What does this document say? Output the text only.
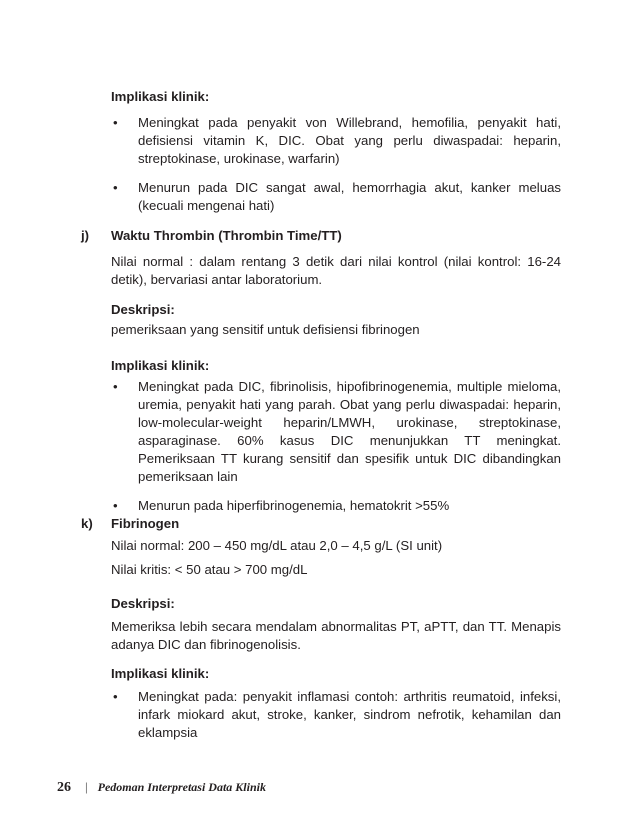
Implikasi klinik:
• Meningkat pada penyakit von Willebrand, hemofilia, penyakit hati, defisiensi vitamin K, DIC. Obat yang perlu diwaspadai: heparin, streptokinase, urokinase, warfarin)
• Menurun pada DIC sangat awal, hemorrhagia akut, kanker meluas (kecuali mengenai hati)
j) Waktu Thrombin (Thrombin Time/TT)
Nilai normal : dalam rentang 3 detik dari nilai kontrol (nilai kontrol: 16-24 detik), bervariasi antar laboratorium.
Deskripsi:
pemeriksaan yang sensitif untuk defisiensi fibrinogen
Implikasi klinik:
• Meningkat pada DIC, fibrinolisis, hipofibrinogenemia, multiple mieloma, uremia, penyakit hati yang parah. Obat yang perlu diwaspadai: heparin, low-molecular-weight heparin/LMWH, urokinase, streptokinase, asparaginase. 60% kasus DIC menunjukkan TT meningkat. Pemeriksaan TT kurang sensitif dan spesifik untuk DIC dibandingkan pemeriksaan lain
• Menurun pada hiperfibrinogenemia, hematokrit >55%
k) Fibrinogen
Nilai normal: 200 – 450 mg/dL atau 2,0 – 4,5 g/L (SI unit)
Nilai kritis: < 50 atau > 700 mg/dL
Deskripsi:
Memeriksa lebih secara mendalam abnormalitas PT, aPTT, dan TT. Menapis adanya DIC dan fibrinogenolisis.
Implikasi klinik:
• Meningkat pada: penyakit inflamasi contoh: arthritis reumatoid, infeksi, infark miokard akut, stroke, kanker, sindrom nefrotik, kehamilan dan eklampsia
26 | Pedoman Interpretasi Data Klinik
